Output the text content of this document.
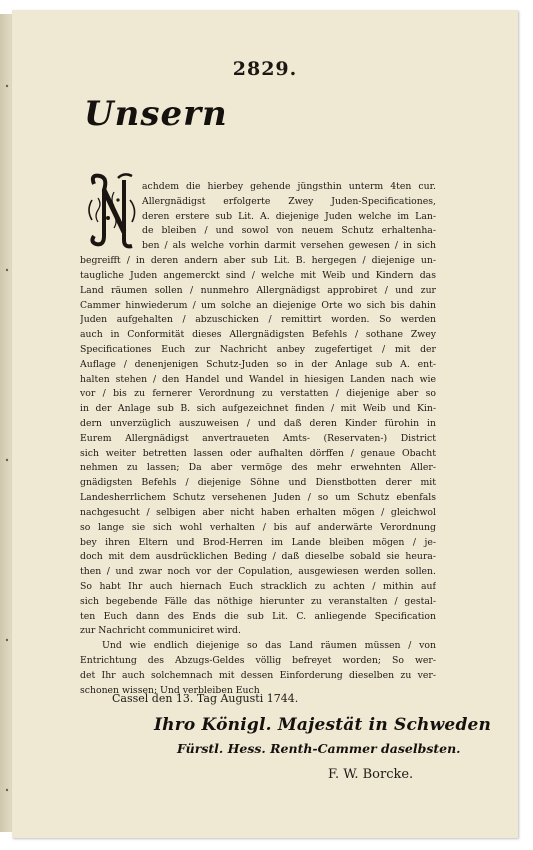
2829.
Unsern
achdem die hierbey gehende jüngsthin unterm 4ten cur.
Allergnädigst erfolgerte Zwey Juden-Specificationes,
deren erstere sub Lit. A. diejenige Juden welche im Lan-
de bleiben / und sowol von neuem Schutz erhaltenha-
ben / als welche vorhin darmit versehen gewesen / in sich
begreifft / in deren andern aber sub Lit. B. hergegen / diejenige un-
taugliche Juden angemerckt sind / welche mit Weib und Kindern das
Land räumen sollen / nunmehro Allergnädigst approbiret / und zur
Cammer hinwiederum / um solche an diejenige Orte wo sich bis dahin
Juden aufgehalten / abzuschicken / remittirt worden. So werden
auch in Conformität dieses Allergnädigsten Befehls / sothane Zwey
Specificationes Euch zur Nachricht anbey zugefertiget / mit der
Auflage / denenjenigen Schutz-Juden so in der Anlage sub A. ent-
halten stehen / den Handel und Wandel in hiesigen Landen nach wie
vor / bis zu fernerer Verordnung zu verstatten / diejenige aber so
in der Anlage sub B. sich aufgezeichnet finden / mit Weib und Kin-
dern unverzüglich auszuweisen / und daß deren Kinder fürohin in
Eurem Allergnädigst anvertraueten Amts- (Reservaten-) District
sich weiter betretten lassen oder aufhalten dörffen / genaue Obacht
nehmen zu lassen; Da aber vermöge des mehr erwehnten Aller-
gnädigsten Befehls / diejenige Söhne und Dienstbotten derer mit
Landesherrlichem Schutz versehenen Juden / so um Schutz ebenfals
nachgesucht / selbigen aber nicht haben erhalten mögen / gleichwol
so lange sie sich wohl verhalten / bis auf anderwärte Verordnung
bey ihren Eltern und Brod-Herren im Lande bleiben mögen / je-
doch mit dem ausdrücklichen Beding / daß dieselbe sobald sie heura-
then / und zwar noch vor der Copulation, ausgewiesen werden sollen.
So habt Ihr auch hiernach Euch stracklich zu achten / mithin auf
sich begebende Fälle das nöthige hierunter zu veranstalten / gestal-
ten Euch dann des Ends die sub Lit. C. anliegende Specification
zur Nachricht communiciret wird.
Und wie endlich diejenige so das Land räumen müssen / von
Entrichtung des Abzugs-Geldes völlig befreyet worden; So wer-
det Ihr auch solchemnach mit dessen Einforderung dieselben zu ver-
schonen wissen; Und verbleiben Euch
Cassel den 13. Tag Augusti 1744.
Ihro Königl. Majestät in Schweden
Fürstl. Hess. Renth-Cammer daselbsten.
F. W. Borcke.
